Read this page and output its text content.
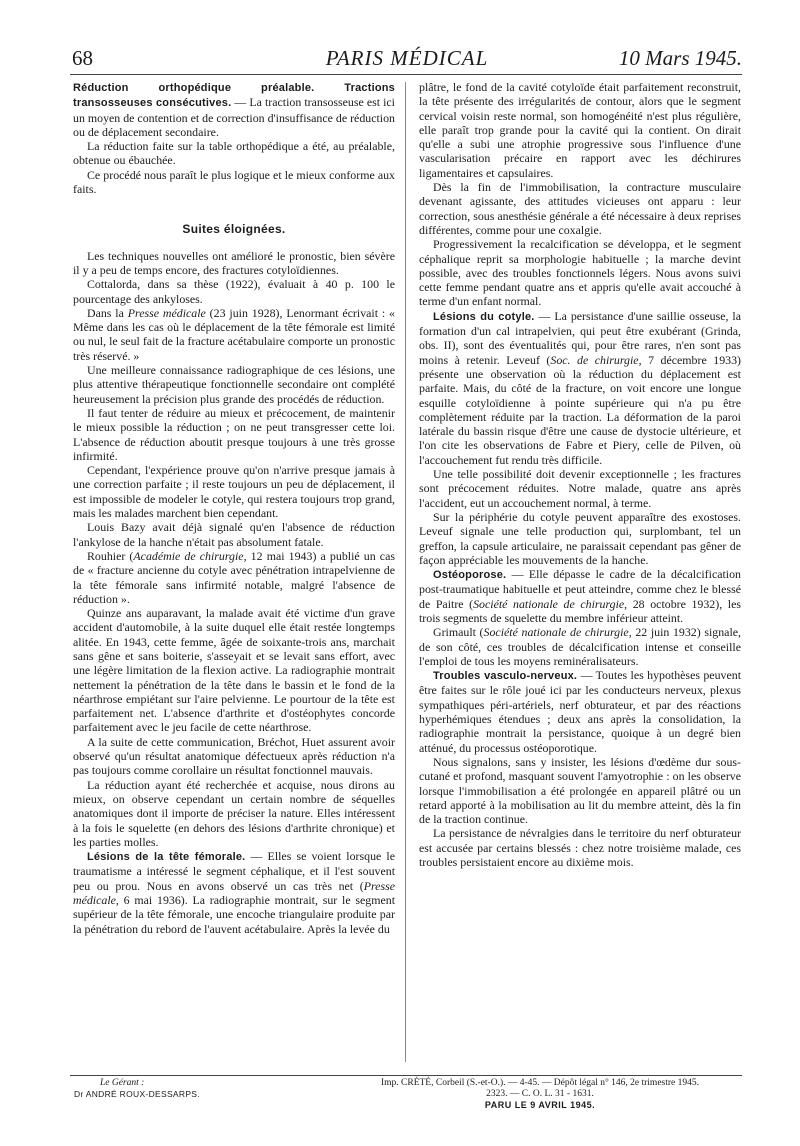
68	PARIS MÉDICAL	10 Mars 1945.

Réduction orthopédique préalable. Tractions transosseuses consécutives. — La traction transosseuse est ici un moyen de contention et de correction d'insuffisance de réduction ou de déplacement secondaire.

La réduction faite sur la table orthopédique a été, au préalable, obtenue ou ébauchée.

Ce procédé nous paraît le plus logique et le mieux conforme aux faits.

Suites éloignées.

Les techniques nouvelles ont amélioré le pronostic, bien sévère il y a peu de temps encore, des fractures cotyloïdiennes.

Cottalorda, dans sa thèse (1922), évaluait à 40 p. 100 le pourcentage des ankyloses.

Dans la Presse médicale (23 juin 1928), Lenormant écrivait : « Même dans les cas où le déplacement de la tête fémorale est limité ou nul, le seul fait de la fracture acétabulaire comporte un pronostic très réservé. »

Une meilleure connaissance radiographique de ces lésions, une plus attentive thérapeutique fonctionnelle secondaire ont complété heureusement la précision plus grande des procédés de réduction.

Il faut tenter de réduire au mieux et précocement, de maintenir le mieux possible la réduction ; on ne peut transgresser cette loi. L'absence de réduction aboutit presque toujours à une très grosse infirmité.

Cependant, l'expérience prouve qu'on n'arrive presque jamais à une correction parfaite ; il reste toujours un peu de déplacement, il est impossible de modeler le cotyle, qui restera toujours trop grand, mais les malades marchent bien cependant.

Louis Bazy avait déjà signalé qu'en l'absence de réduction l'ankylose de la hanche n'était pas absolument fatale.

Rouhier (Académie de chirurgie, 12 mai 1943) a publié un cas de « fracture ancienne du cotyle avec pénétration intrapelvienne de la tête fémorale sans infirmité notable, malgré l'absence de réduction ».

Quinze ans auparavant, la malade avait été victime d'un grave accident d'automobile, à la suite duquel elle était restée longtemps alitée. En 1943, cette femme, âgée de soixante-trois ans, marchait sans gêne et sans boiterie, s'asseyait et se levait sans effort, avec une légère limitation de la flexion active. La radiographie montrait nettement la pénétration de la tête dans le bassin et le fond de la néarthrose empiétant sur l'aire pelvienne. Le pourtour de la tête est parfaitement net. L'absence d'arthrite et d'ostéophytes concorde parfaitement avec le jeu facile de cette néarthrose.

A la suite de cette communication, Bréchot, Huet assurent avoir observé qu'un résultat anatomique défectueux après réduction n'a pas toujours comme corollaire un résultat fonctionnel mauvais.

La réduction ayant été recherchée et acquise, nous dirons au mieux, on observe cependant un certain nombre de séquelles anatomiques dont il importe de préciser la nature. Elles intéressent à la fois le squelette (en dehors des lésions d'arthrite chronique) et les parties molles.

Lésions de la tête fémorale. — Elles se voient lorsque le traumatisme a intéressé le segment céphalique, et il l'est souvent peu ou prou. Nous en avons observé un cas très net (Presse médicale, 6 mai 1936). La radiographie montrait, sur le segment supérieur de la tête fémorale, une encoche triangulaire produite par la pénétration du rebord de l'auvent acétabulaire. Après la levée du

plâtre, le fond de la cavité cotyloïde était parfaitement reconstruit, la tête présente des irrégularités de contour, alors que le segment cervical voisin reste normal, son homogénéité n'est plus régulière, elle paraît trop grande pour la cavité qui la contient. On dirait qu'elle a subi une atrophie progressive sous l'influence d'une vascularisation précaire en rapport avec les déchirures ligamentaires et capsulaires.

Dès la fin de l'immobilisation, la contracture musculaire devenant agissante, des attitudes vicieuses ont apparu : leur correction, sous anesthésie générale a été nécessaire à deux reprises différentes, comme pour une coxalgie.

Progressivement la recalcification se développa, et le segment céphalique reprit sa morphologie habituelle ; la marche devint possible, avec des troubles fonctionnels légers. Nous avons suivi cette femme pendant quatre ans et appris qu'elle avait accouché à terme d'un enfant normal.

Lésions du cotyle. — La persistance d'une saillie osseuse, la formation d'un cal intrapelvien, qui peut être exubérant (Grinda, obs. II), sont des éventualités qui, pour être rares, n'en sont pas moins à retenir. Leveuf (Soc. de chirurgie, 7 décembre 1933) présente une observation où la réduction du déplacement est parfaite. Mais, du côté de la fracture, on voit encore une longue esquille cotyloïdienne à pointe supérieure qui n'a pu être complètement réduite par la traction. La déformation de la paroi latérale du bassin risque d'être une cause de dystocie ultérieure, et l'on cite les observations de Fabre et Piery, celle de Pilven, où l'accouchement fut rendu très difficile.

Une telle possibilité doit devenir exceptionnelle ; les fractures sont précocement réduites. Notre malade, quatre ans après l'accident, eut un accouchement normal, à terme.

Sur la périphérie du cotyle peuvent apparaître des exostoses. Leveuf signale une telle production qui, surplombant, tel un greffon, la capsule articulaire, ne paraissait cependant pas gêner de façon appréciable les mouvements de la hanche.

Ostéoporose. — Elle dépasse le cadre de la décalcification post-traumatique habituelle et peut atteindre, comme chez le blessé de Paitre (Société nationale de chirurgie, 28 octobre 1932), les trois segments de squelette du membre inférieur atteint.

Grimault (Société nationale de chirurgie, 22 juin 1932) signale, de son côté, ces troubles de décalcification intense et conseille l'emploi de tous les moyens reminéralisateurs.

Troubles vasculo-nerveux. — Toutes les hypothèses peuvent être faites sur le rôle joué ici par les conducteurs nerveux, plexus sympathiques péri-artériels, nerf obturateur, et par des réactions hyperhémiques étendues ; deux ans après la consolidation, la radiographie montrait la persistance, quoique à un degré bien atténué, du processus ostéoporotique.

Nous signalons, sans y insister, les lésions d'œdème dur sous-cutané et profond, masquant souvent l'amyotrophie : on les observe lorsque l'immobilisation a été prolongée en appareil plâtré ou un retard apporté à la mobilisation au lit du membre atteint, dès la fin de la traction continue.

La persistance de névralgies dans le territoire du nerf obturateur est accusée par certains blessés : chez notre troisième malade, ces troubles persistaient encore au dixième mois.

Le Gérant :
Dr ANDRÉ ROUX-DESSARPS.
Imp. CRÉTÉ, Corbeil (S.-et-O.). — 4-45. — Dépôt légal n° 146, 2e trimestre 1945.
2323. — C. O. L. 31 - 1631.
PARU LE 9 AVRIL 1945.
